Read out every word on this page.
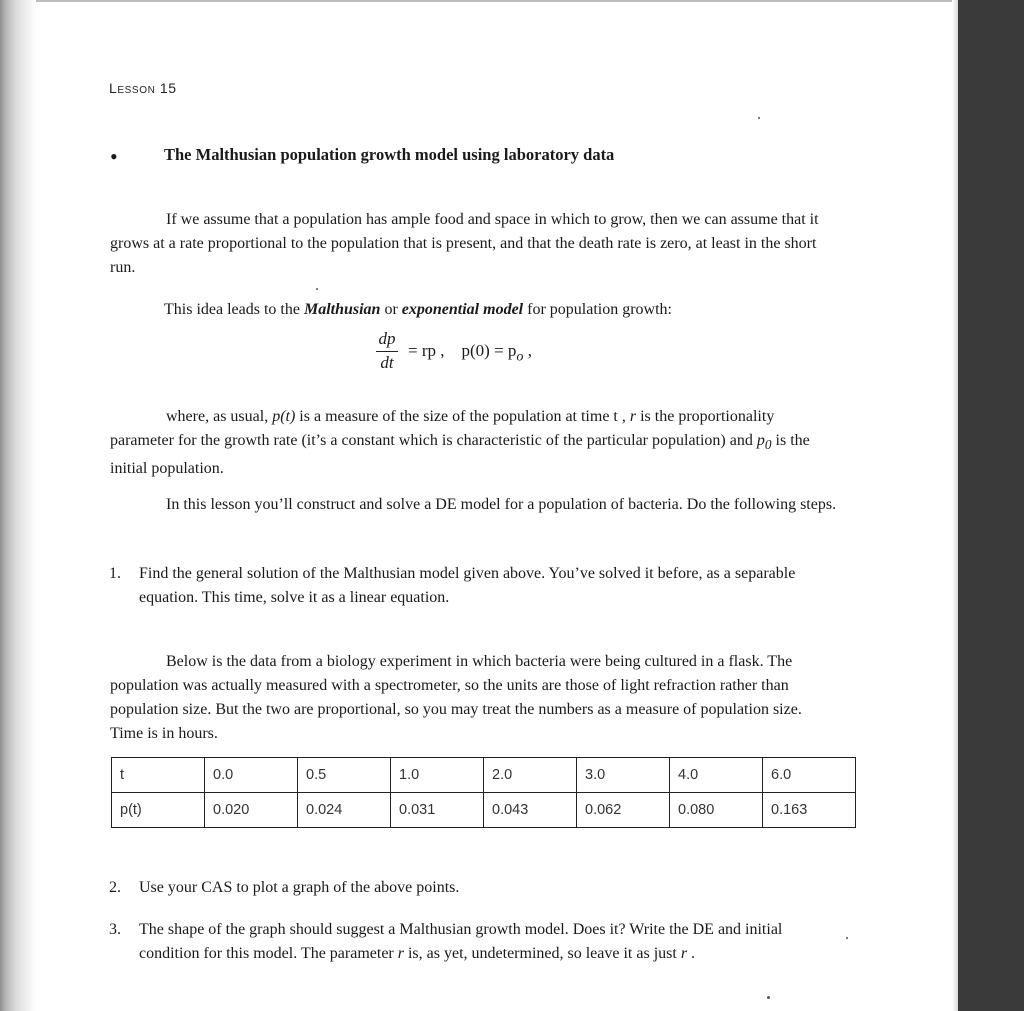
Lesson 15
•	The Malthusian population growth model using laboratory data

If we assume that a population has ample food and space in which to grow, then we can assume that it grows at a rate proportional to the population that is present, and that the death rate is zero, at least in the short run.

This idea leads to the Malthusian or exponential model for population growth:

dp
dt
= rp , $p(0) = p_o$ ,

where, as usual, p(t) is a measure of the size of the population at time t , r is the proportionality parameter for the growth rate (it’s a constant which is characteristic of the particular population) and $p_0$ is the initial population.

In this lesson you’ll construct and solve a DE model for a population of bacteria. Do the following steps.

1. Find the general solution of the Malthusian model given above. You’ve solved it before, as a separable equation. This time, solve it as a linear equation.

Below is the data from a biology experiment in which bacteria were being cultured in a flask. The population was actually measured with a spectrometer, so the units are those of light refraction rather than population size. But the two are proportional, so you may treat the numbers as a measure of population size. Time is in hours.

t	0.0	0.5	1.0	2.0	3.0	4.0	6.0
p(t)	0.020	0.024	0.031	0.043	0.062	0.080	0.163
2. Use your CAS to plot a graph of the above points.
3. The shape of the graph should suggest a Malthusian growth model. Does it? Write the DE and initial condition for this model. The parameter r is, as yet, undetermined, so leave it as just r .
